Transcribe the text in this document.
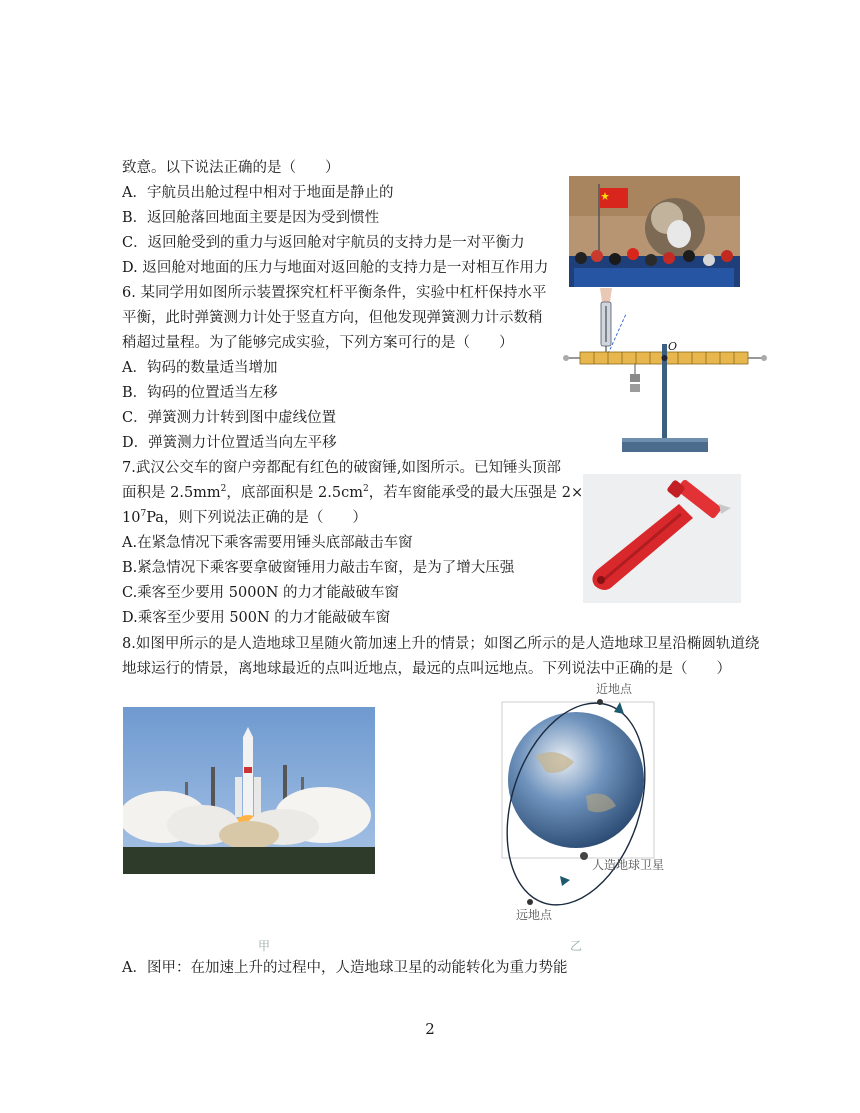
致意。以下说法正确的是（　　）
A．宇航员出舱过程中相对于地面是静止的
B．返回舱落回地面主要是因为受到惯性
C．返回舱受到的重力与返回舱对宇航员的支持力是一对平衡力
D. 返回舱对地面的压力与地面对返回舱的支持力是一对相互作用力
6. 某同学用如图所示装置探究杠杆平衡条件，实验中杠杆保持水平
平衡，此时弹簧测力计处于竖直方向，但他发现弹簧测力计示数稍
稍超过量程。为了能够完成实验，下列方案可行的是（　　）
A．钩码的数量适当增加
B．钩码的位置适当左移
C．弹簧测力计转到图中虚线位置
D．弹簧测力计位置适当向左平移
O
7.武汉公交车的窗户旁都配有红色的破窗锤,如图所示。已知锤头顶部
面积是 $2.5mm^2$，底部面积是 $2.5cm^2$，若车窗能承受的最大压强是 2×
$10^7Pa$，则下列说法正确的是（　　）
A.在紧急情况下乘客需要用锤头底部敲击车窗
B.紧急情况下乘客要拿破窗锤用力敲击车窗，是为了增大压强
C.乘客至少要用 5000N 的力才能敲破车窗
D.乘客至少要用 500N 的力才能敲破车窗
8.如图甲所示的是人造地球卫星随火箭加速上升的情景；如图乙所示的是人造地球卫星沿椭圆轨道绕
地球运行的情景，离地球最近的点叫近地点，最远的点叫远地点。下列说法中正确的是（　　）
甲
近地点
人造地球卫星
远地点
乙
A．图甲：在加速上升的过程中，人造地球卫星的动能转化为重力势能
2
